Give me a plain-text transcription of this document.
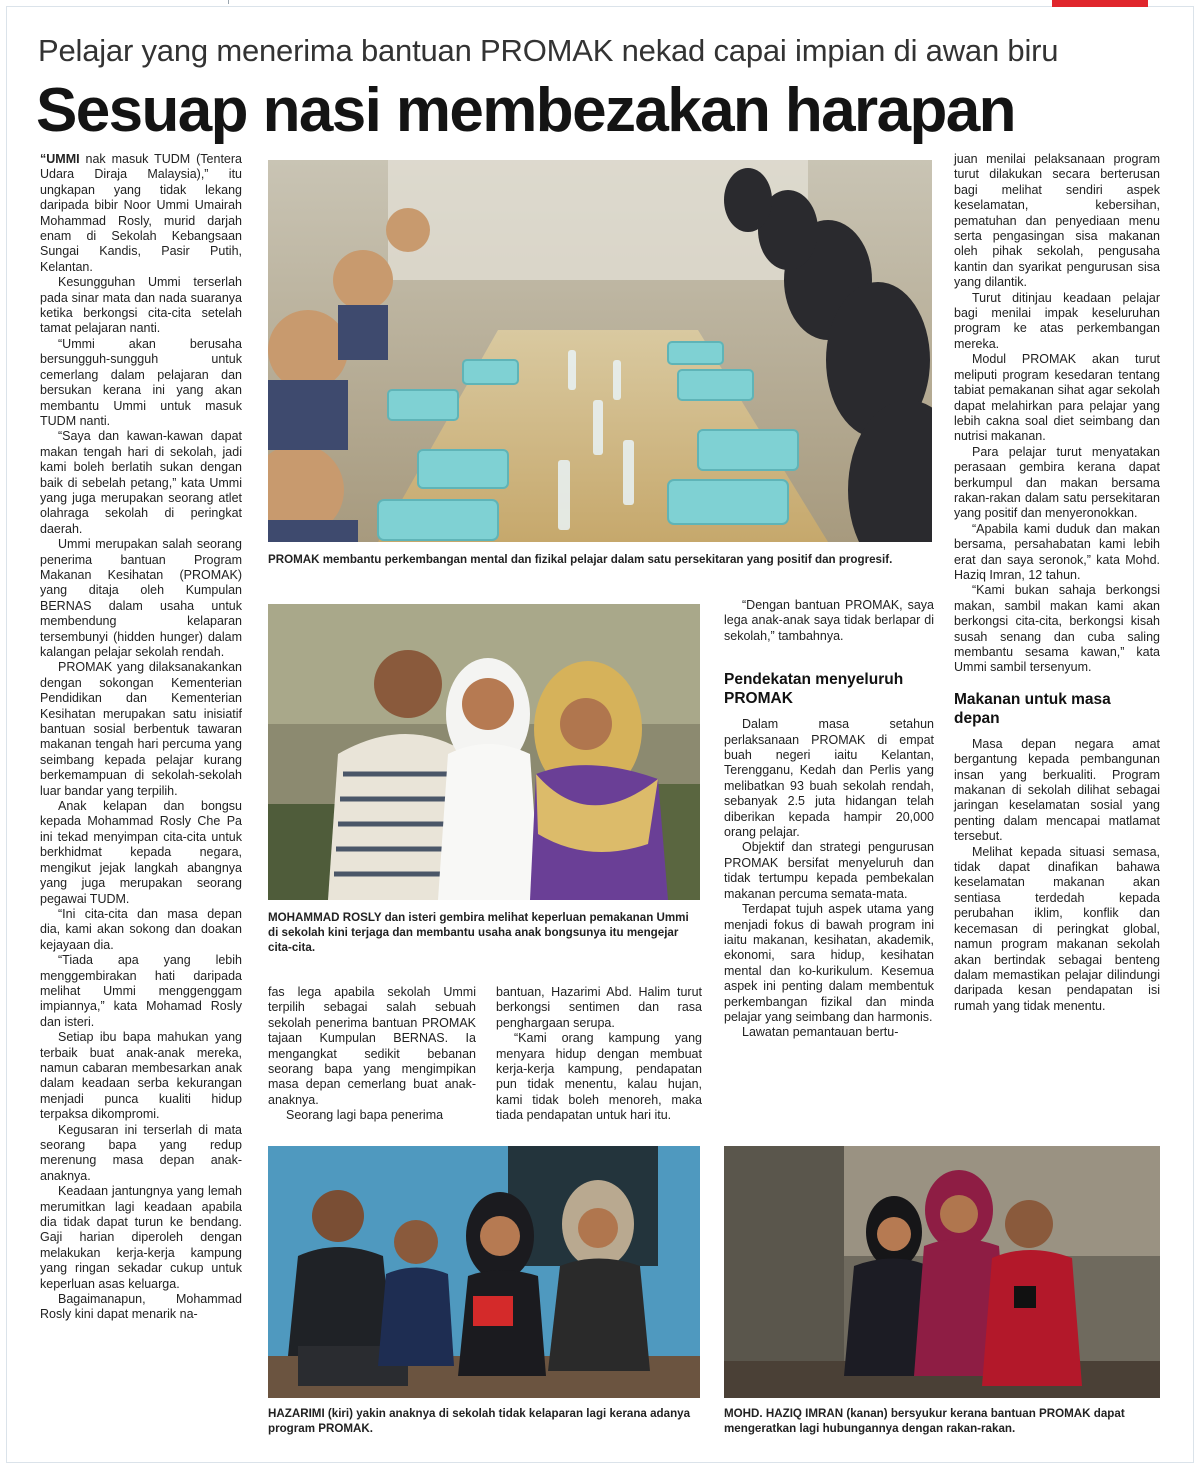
Pelajar yang menerima bantuan PROMAK nekad capai impian di awan biru
Sesuap nasi membezakan harapan

“UMMI nak masuk TUDM (Tentera Udara Diraja Malaysia),” itu ungkapan yang tidak lekang daripada bibir Noor Ummi Umairah Mohammad Rosly, murid darjah enam di Sekolah Kebangsaan Sungai Kandis, Pasir Putih, Kelantan.

Kesungguhan Ummi terserlah pada sinar mata dan nada suaranya ketika berkongsi cita-cita setelah tamat pelajaran nanti.

“Ummi akan berusaha bersungguh-sungguh untuk cemerlang dalam pelajaran dan bersukan kerana ini yang akan membantu Ummi untuk masuk TUDM nanti.

“Saya dan kawan-kawan dapat makan tengah hari di sekolah, jadi kami boleh berlatih sukan dengan baik di sebelah petang,” kata Ummi yang juga merupakan seorang atlet olahraga sekolah di peringkat daerah.

Ummi merupakan salah seorang penerima bantuan Program Makanan Kesihatan (PROMAK) yang ditaja oleh Kumpulan BERNAS dalam usaha untuk membendung kelaparan tersembunyi (hidden hunger) dalam kalangan pelajar sekolah rendah.

PROMAK yang dilaksanakankan dengan sokongan Kementerian Pendidikan dan Kementerian Kesihatan merupakan satu inisiatif bantuan sosial berbentuk tawaran makanan tengah hari percuma yang seimbang kepada pelajar kurang berkemampuan di sekolah-sekolah luar bandar yang terpilih.

Anak kelapan dan bongsu kepada Mohammad Rosly Che Pa ini tekad menyimpan cita-cita untuk berkhidmat kepada negara, mengikut jejak langkah abangnya yang juga merupakan seorang pegawai TUDM.

“Ini cita-cita dan masa depan dia, kami akan sokong dan doakan kejayaan dia.

“Tiada apa yang lebih menggembirakan hati daripada melihat Ummi menggenggam impiannya,” kata Mohamad Rosly dan isteri.

Setiap ibu bapa mahukan yang terbaik buat anak-anak mereka, namun cabaran membesarkan anak dalam keadaan serba kekurangan menjadi punca kualiti hidup terpaksa dikompromi.

Kegusaran ini terserlah di mata seorang bapa yang redup merenung masa depan anak-anaknya.

Keadaan jantungnya yang lemah merumitkan lagi keadaan apabila dia tidak dapat turun ke bendang. Gaji harian diperoleh dengan melakukan kerja-kerja kampung yang ringan sekadar cukup untuk keperluan asas keluarga.

Bagaimanapun, Mohammad Rosly kini dapat menarik na-

PROMAK membantu perkembangan mental dan fizikal pelajar dalam satu persekitaran yang positif dan progresif.
MOHAMMAD ROSLY dan isteri gembira melihat keperluan pemakanan Ummi di sekolah kini terjaga dan membantu usaha anak bongsunya itu mengejar cita-cita.

fas lega apabila sekolah Ummi terpilih sebagai salah sebuah sekolah penerima bantuan PROMAK tajaan Kumpulan BERNAS. Ia mengangkat sedikit bebanan seorang bapa yang mengimpikan masa depan cemerlang buat anak-anaknya.

Seorang lagi bapa penerima

bantuan, Hazarimi Abd. Halim turut berkongsi sentimen dan rasa penghargaan serupa.

“Kami orang kampung yang menyara hidup dengan membuat kerja-kerja kampung, pendapatan pun tidak menentu, kalau hujan, kami tidak boleh menoreh, maka tiada pendapatan untuk hari itu.

“Dengan bantuan PROMAK, saya lega anak-anak saya tidak berlapar di sekolah,” tambahnya.

Pendekatan menyeluruh PROMAK

Dalam masa setahun perlaksanaan PROMAK di empat buah negeri iaitu Kelantan, Terengganu, Kedah dan Perlis yang melibatkan 93 buah sekolah rendah, sebanyak 2.5 juta hidangan telah diberikan kepada hampir 20,000 orang pelajar.

Objektif dan strategi pengurusan PROMAK bersifat menyeluruh dan tidak tertumpu kepada pembekalan makanan percuma semata-mata.

Terdapat tujuh aspek utama yang menjadi fokus di bawah program ini iaitu makanan, kesihatan, akademik, ekonomi, sara hidup, kesihatan mental dan ko-kurikulum. Kesemua aspek ini penting dalam membentuk perkembangan fizikal dan minda pelajar yang seimbang dan harmonis.

Lawatan pemantauan bertu-

juan menilai pelaksanaan program turut dilakukan secara berterusan bagi melihat sendiri aspek keselamatan, kebersihan, pematuhan dan penyediaan menu serta pengasingan sisa makanan oleh pihak sekolah, pengusaha kantin dan syarikat pengurusan sisa yang dilantik.

Turut ditinjau keadaan pelajar bagi menilai impak keseluruhan program ke atas perkembangan mereka.

Modul PROMAK akan turut meliputi program kesedaran tentang tabiat pemakanan sihat agar sekolah dapat melahirkan para pelajar yang lebih cakna soal diet seimbang dan nutrisi makanan.

Para pelajar turut menyatakan perasaan gembira kerana dapat berkumpul dan makan bersama rakan-rakan dalam satu persekitaran yang positif dan menyeronokkan.

“Apabila kami duduk dan makan bersama, persahabatan kami lebih erat dan saya seronok,” kata Mohd. Haziq Imran, 12 tahun.

“Kami bukan sahaja berkongsi makan, sambil makan kami akan berkongsi cita-cita, berkongsi kisah susah senang dan cuba saling membantu sesama kawan,” kata Ummi sambil tersenyum.

Makanan untuk masa depan

Masa depan negara amat bergantung kepada pembangunan insan yang berkualiti. Program makanan di sekolah dilihat sebagai jaringan keselamatan sosial yang penting dalam mencapai matlamat tersebut.

Melihat kepada situasi semasa, tidak dapat dinafikan bahawa keselamatan makanan akan sentiasa terdedah kepada perubahan iklim, konflik dan kecemasan di peringkat global, namun program makanan sekolah akan bertindak sebagai benteng dalam memastikan pelajar dilindungi daripada kesan pendapatan isi rumah yang tidak menentu.

HAZARIMI (kiri) yakin anaknya di sekolah tidak kelaparan lagi kerana adanya program PROMAK.
MOHD. HAZIQ IMRAN (kanan) bersyukur kerana bantuan PROMAK dapat mengeratkan lagi hubungannya dengan rakan-rakan.
